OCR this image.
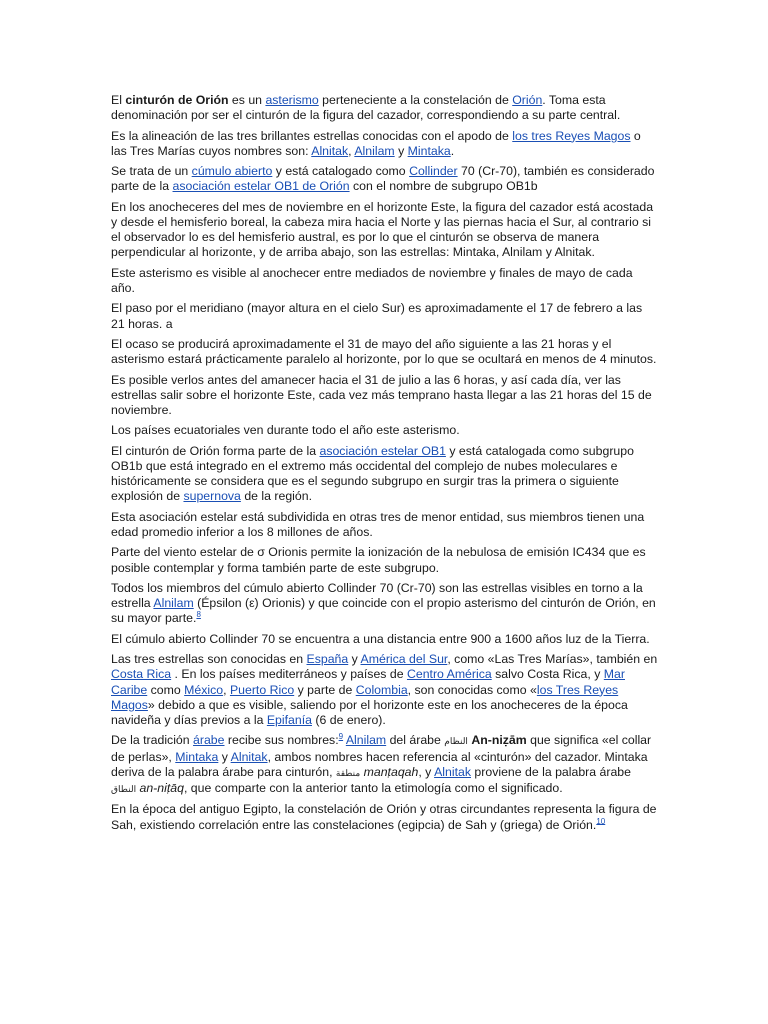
El cinturón de Orión es un asterismo perteneciente a la constelación de Orión. Toma esta denominación por ser el cinturón de la figura del cazador, correspondiendo a su parte central.

Es la alineación de las tres brillantes estrellas conocidas con el apodo de los tres Reyes Magos o las Tres Marías cuyos nombres son: Alnitak, Alnilam y Mintaka.

Se trata de un cúmulo abierto y está catalogado como Collinder 70 (Cr-70), también es considerado parte de la asociación estelar OB1 de Orión con el nombre de subgrupo OB1b

En los anocheceres del mes de noviembre en el horizonte Este, la figura del cazador está acostada y desde el hemisferio boreal, la cabeza mira hacia el Norte y las piernas hacia el Sur, al contrario si el observador lo es del hemisferio austral, es por lo que el cinturón se observa de manera perpendicular al horizonte, y de arriba abajo, son las estrellas: Mintaka, Alnilam y Alnitak.

Este asterismo es visible al anochecer entre mediados de noviembre y finales de mayo de cada año.

El paso por el meridiano (mayor altura en el cielo Sur) es aproximadamente el 17 de febrero a las 21 horas. a

El ocaso se producirá aproximadamente el 31 de mayo del año siguiente a las 21 horas y el asterismo estará prácticamente paralelo al horizonte, por lo que se ocultará en menos de 4 minutos.

Es posible verlos antes del amanecer hacia el 31 de julio a las 6 horas, y así cada día, ver las estrellas salir sobre el horizonte Este, cada vez más temprano hasta llegar a las 21 horas del 15 de noviembre.

Los países ecuatoriales ven durante todo el año este asterismo.

El cinturón de Orión forma parte de la asociación estelar OB1 y está catalogada como subgrupo OB1b que está integrado en el extremo más occidental del complejo de nubes moleculares e históricamente se considera que es el segundo subgrupo en surgir tras la primera o siguiente explosión de supernova de la región.

Esta asociación estelar está subdividida en otras tres de menor entidad, sus miembros tienen una edad promedio inferior a los 8 millones de años.

Parte del viento estelar de σ Orionis permite la ionización de la nebulosa de emisión IC434 que es posible contemplar y forma también parte de este subgrupo.

Todos los miembros del cúmulo abierto Collinder 70 (Cr-70) son las estrellas visibles en torno a la estrella Alnilam (Épsilon (ε) Orionis) y que coincide con el propio asterismo del cinturón de Orión, en su mayor parte.$^8$

El cúmulo abierto Collinder 70 se encuentra a una distancia entre 900 a 1600 años luz de la Tierra.

Las tres estrellas son conocidas en España y América del Sur, como «Las Tres Marías», también en Costa Rica . En los países mediterráneos y países de Centro América salvo Costa Rica, y Mar Caribe como México, Puerto Rico y parte de Colombia, son conocidas como «los Tres Reyes Magos» debido a que es visible, saliendo por el horizonte este en los anocheceres de la época navideña y días previos a la Epifanía (6 de enero).

De la tradición árabe recibe sus nombres:$^9$ Alnilam del árabe النظام An-niẓām que significa «el collar de perlas», Mintaka y Alnitak, ambos nombres hacen referencia al «cinturón» del cazador. Mintaka deriva de la palabra árabe para cinturón, منطقة manṭaqah, y Alnitak proviene de la palabra árabe النطاق an-niṭāq, que comparte con la anterior tanto la etimología como el significado.

En la época del antiguo Egipto, la constelación de Orión y otras circundantes representa la figura de Sah, existiendo correlación entre las constelaciones (egipcia) de Sah y (griega) de Orión.$^{10}$
